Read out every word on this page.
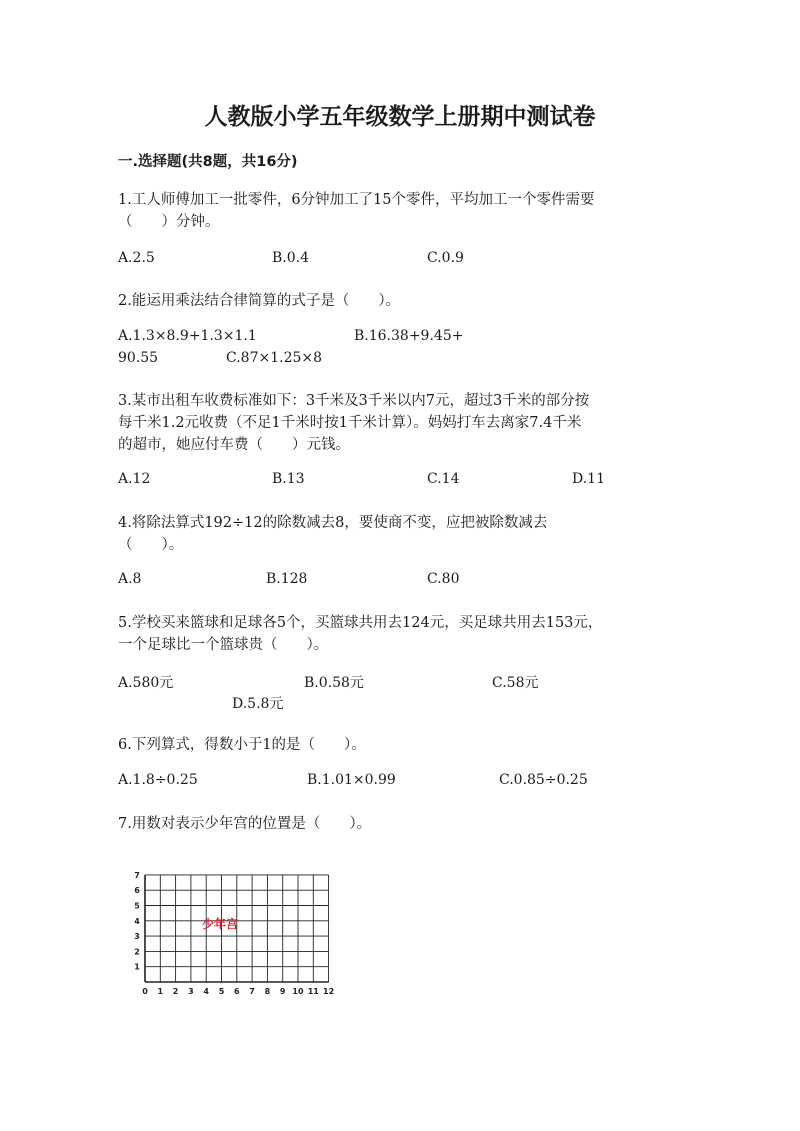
人教版小学五年级数学上册期中测试卷
一.选择题(共8题，共16分)
1.工人师傅加工一批零件，6分钟加工了15个零件，平均加工一个零件需要
（　　）分钟。
A.2.5	B.0.4	C.0.9
2.能运用乘法结合律简算的式子是（　　）。
A.1.3×8.9+1.3×1.1	B.16.38+9.45+
90.55	C.87×1.25×8
3.某市出租车收费标准如下：3千米及3千米以内7元，超过3千米的部分按
每千米1.2元收费（不足1千米时按1千米计算）。妈妈打车去离家7.4千米
的超市，她应付车费（　　）元钱。
A.12	B.13	C.14	D.11
4.将除法算式192÷12的除数减去8，要使商不变，应把被除数减去
（　　）。
A.8	B.128	C.80
5.学校买来篮球和足球各5个，买篮球共用去124元，买足球共用去153元，
一个足球比一个篮球贵（　　）。
A.580元	B.0.58元	C.58元
D.5.8元
6.下列算式，得数小于1的是（　　）。
A.1.8÷0.25	B.1.01×0.99	C.0.85÷0.25
7.用数对表示少年宫的位置是（　　）。
0 1 2 3 4 5 6 7 8 9 10 11 12
1
2
3
4
5
6
7
少年宫
